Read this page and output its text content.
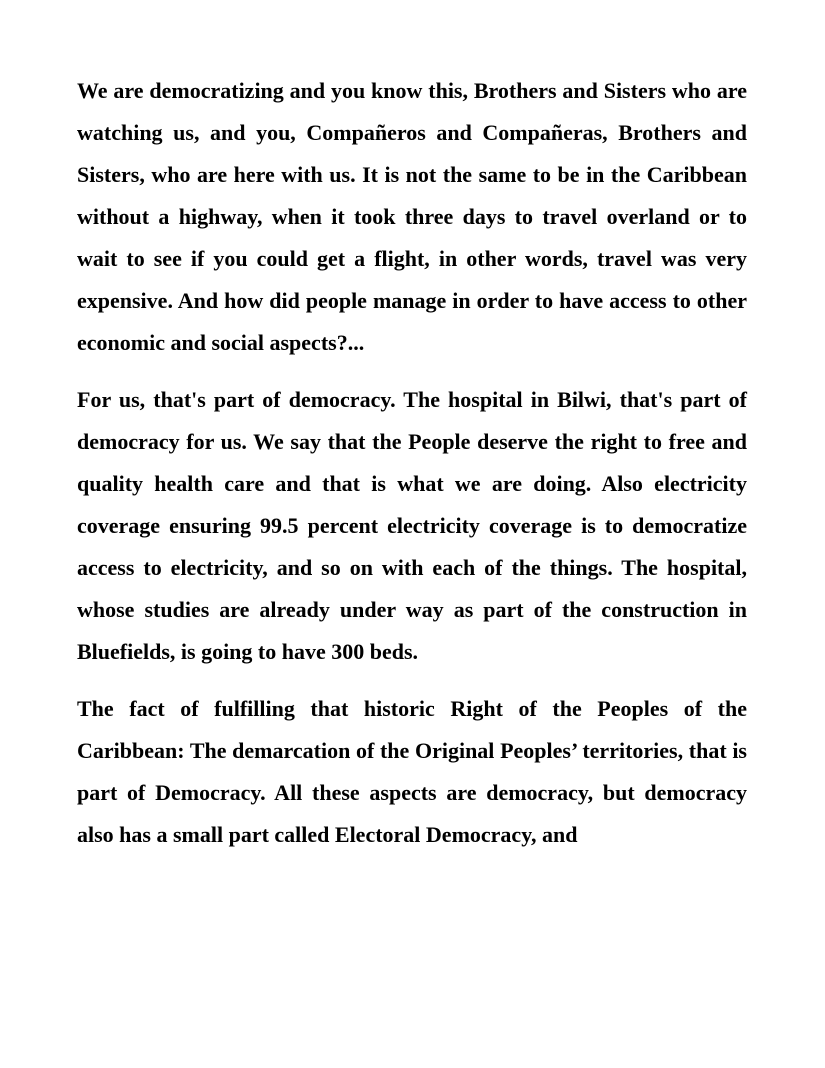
We are democratizing and you know this, Brothers and Sisters who are watching us, and you, Compañeros and Compañeras, Brothers and Sisters, who are here with us. It is not the same to be in the Caribbean without a highway, when it took three days to travel overland or to wait to see if you could get a flight, in other words, travel was very expensive. And how did people manage in order to have access to other economic and social aspects?...

For us, that's part of democracy. The hospital in Bilwi, that's part of democracy for us. We say that the People deserve the right to free and quality health care and that is what we are doing. Also electricity coverage ensuring 99.5 percent electricity coverage is to democratize access to electricity, and so on with each of the things. The hospital, whose studies are already under way as part of the construction in Bluefields, is going to have 300 beds.

The fact of fulfilling that historic Right of the Peoples of the Caribbean: The demarcation of the Original Peoples’ territories, that is part of Democracy. All these aspects are democracy, but democracy also has a small part called Electoral Democracy, and
